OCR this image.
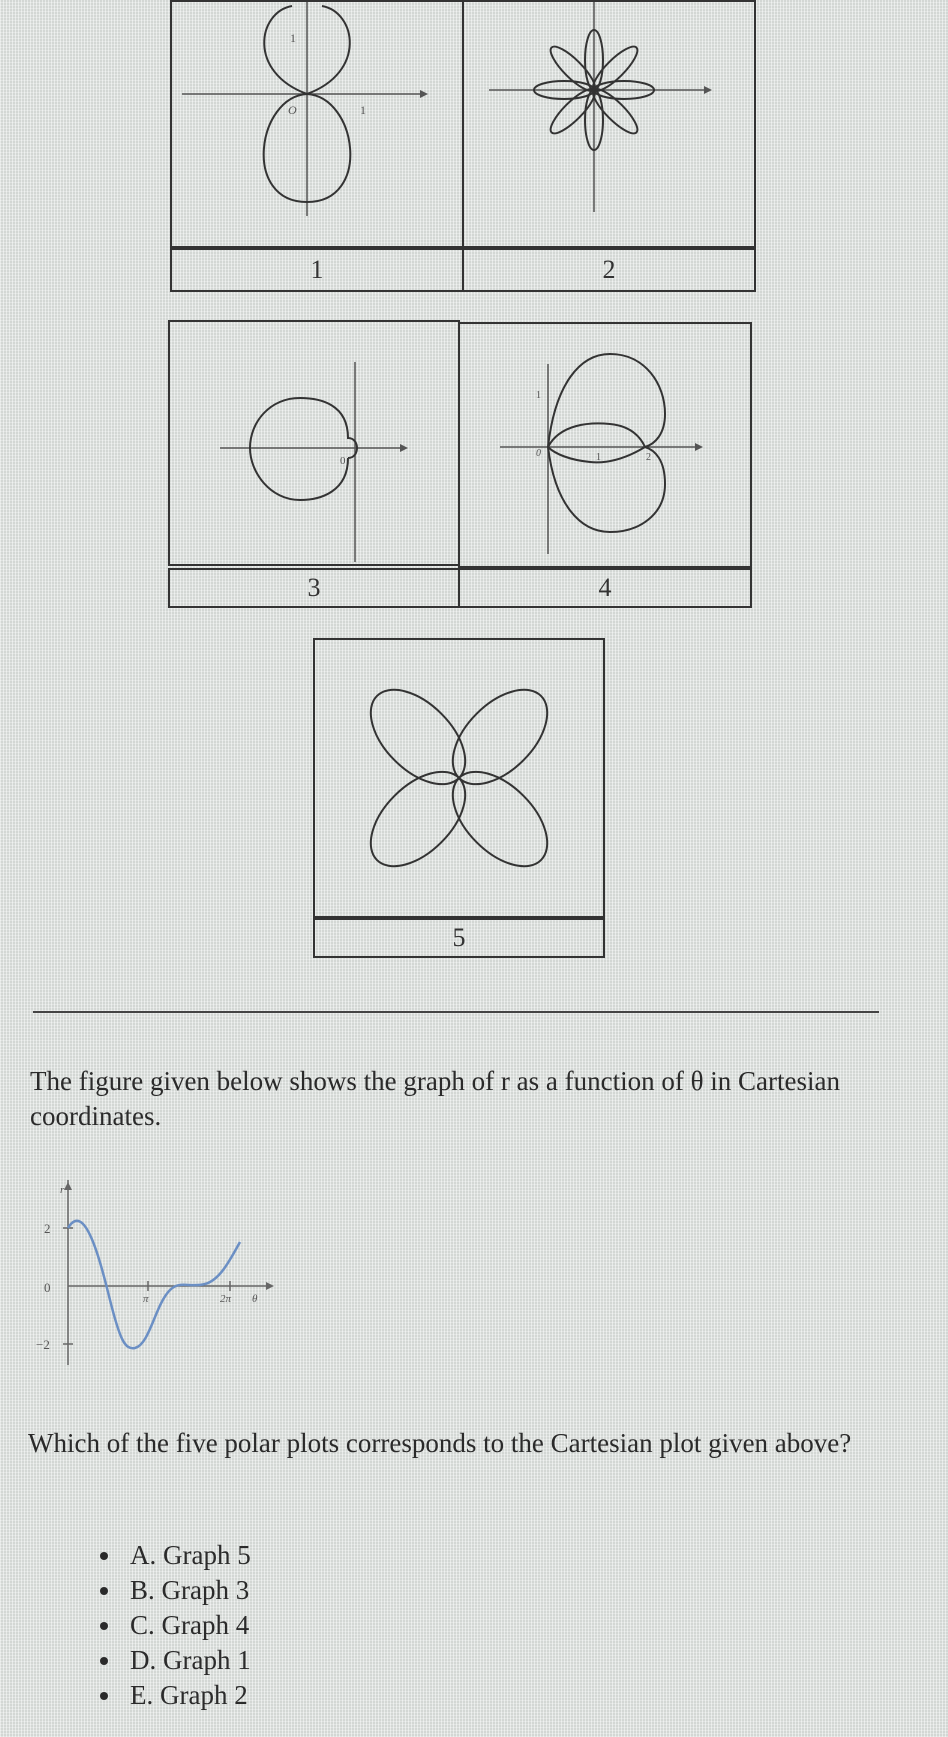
1
O	1
1	2
0
3
1
0	1	2
4
5
The figure given below shows the graph of r as a function of θ in Cartesian coordinates.
r
2
0
−2
π	2π θ
Which of the five polar plots corresponds to the Cartesian plot given above?
A. Graph 5
B. Graph 3
C. Graph 4
D. Graph 1
E. Graph 2
